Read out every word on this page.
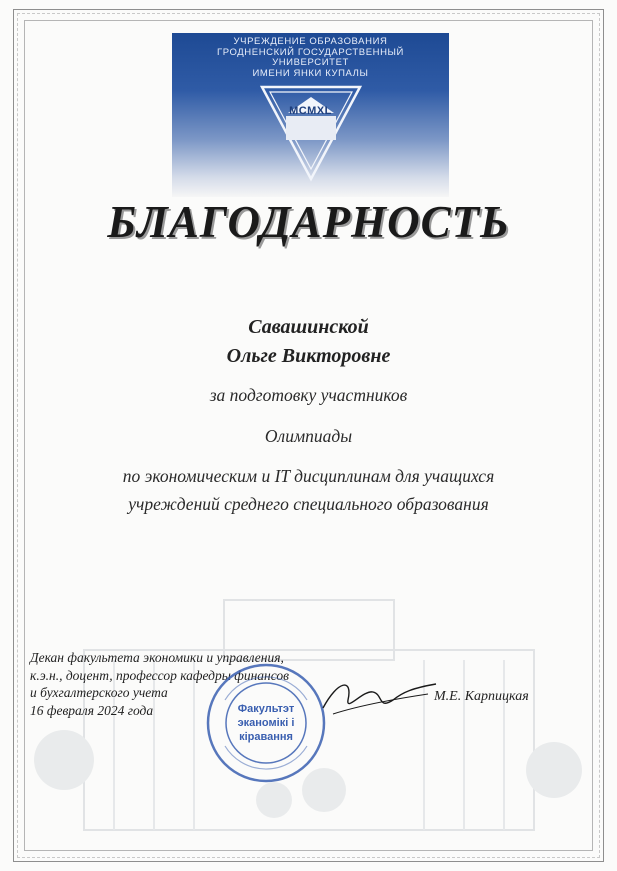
УЧРЕЖДЕНИЕ ОБРАЗОВАНИЯ
ГРОДНЕНСКИЙ ГОСУДАРСТВЕННЫЙ
УНИВЕРСИТЕТ
ИМЕНИ ЯНКИ КУПАЛЫ
MCMXL
БЛАГОДАРНОСТЬ
Савашинской
Ольге Викторовне
за подготовку участников
Олимпиады
по экономическим и IT дисциплинам для учащихся
учреждений среднего специального образования
Декан факультета экономики и управления,
к.э.н., доцент, профессор кафедры финансов
и бухгалтерского учета
16 февраля 2024 года	Факультэт
эканомікі і
кіравання
М.Е. Карпицкая
